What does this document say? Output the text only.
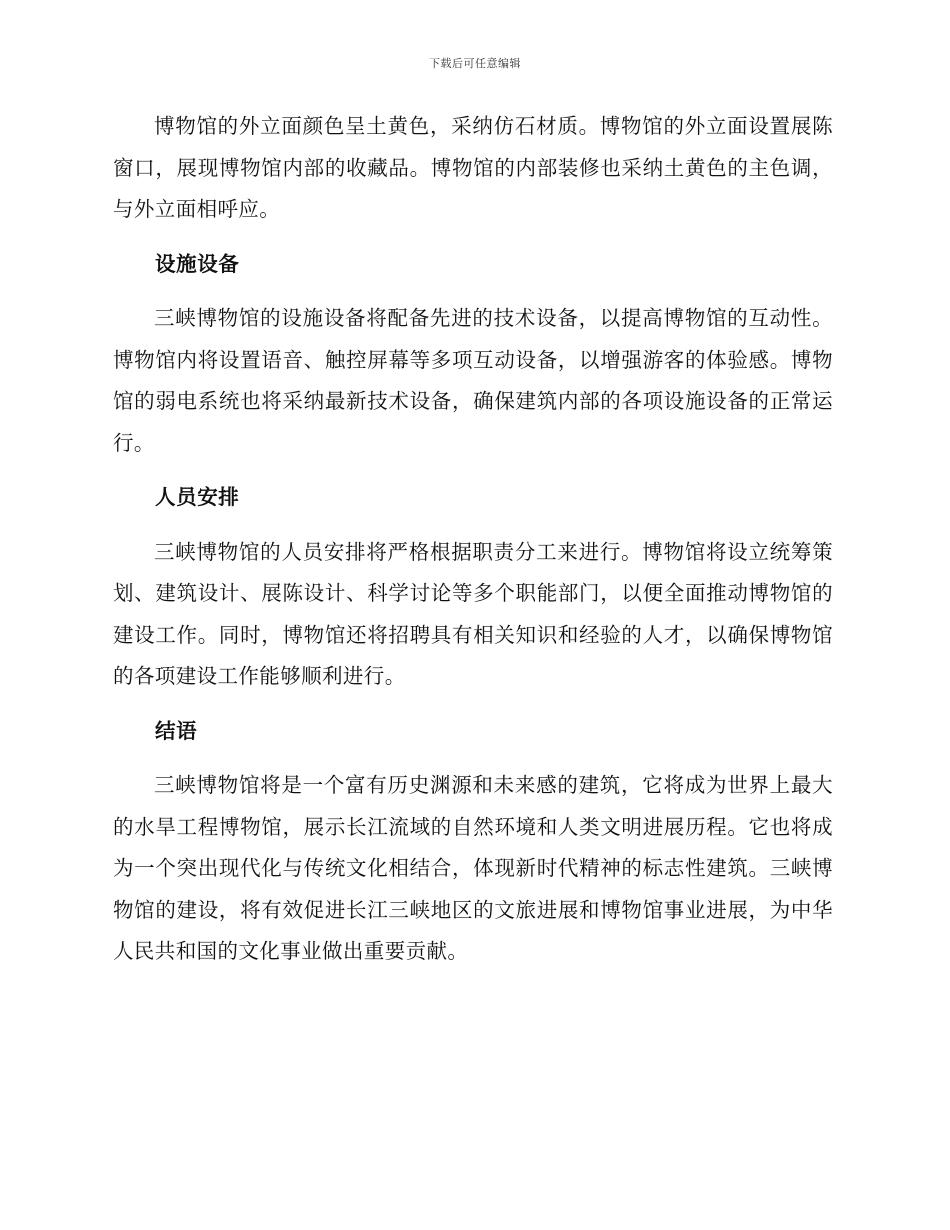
下载后可任意编辑

博物馆的外立面颜色呈土黄色，采纳仿石材质。博物馆的外立面设置展陈窗口，展现博物馆内部的收藏品。博物馆的内部装修也采纳土黄色的主色调，与外立面相呼应。

设施设备

三峡博物馆的设施设备将配备先进的技术设备，以提高博物馆的互动性。博物馆内将设置语音、触控屏幕等多项互动设备，以增强游客的体验感。博物馆的弱电系统也将采纳最新技术设备，确保建筑内部的各项设施设备的正常运行。

人员安排

三峡博物馆的人员安排将严格根据职责分工来进行。博物馆将设立统筹策划、建筑设计、展陈设计、科学讨论等多个职能部门，以便全面推动博物馆的建设工作。同时，博物馆还将招聘具有相关知识和经验的人才，以确保博物馆的各项建设工作能够顺利进行。

结语

三峡博物馆将是一个富有历史渊源和未来感的建筑，它将成为世界上最大的水旱工程博物馆，展示长江流域的自然环境和人类文明进展历程。它也将成为一个突出现代化与传统文化相结合，体现新时代精神的标志性建筑。三峡博物馆的建设，将有效促进长江三峡地区的文旅进展和博物馆事业进展，为中华人民共和国的文化事业做出重要贡献。
